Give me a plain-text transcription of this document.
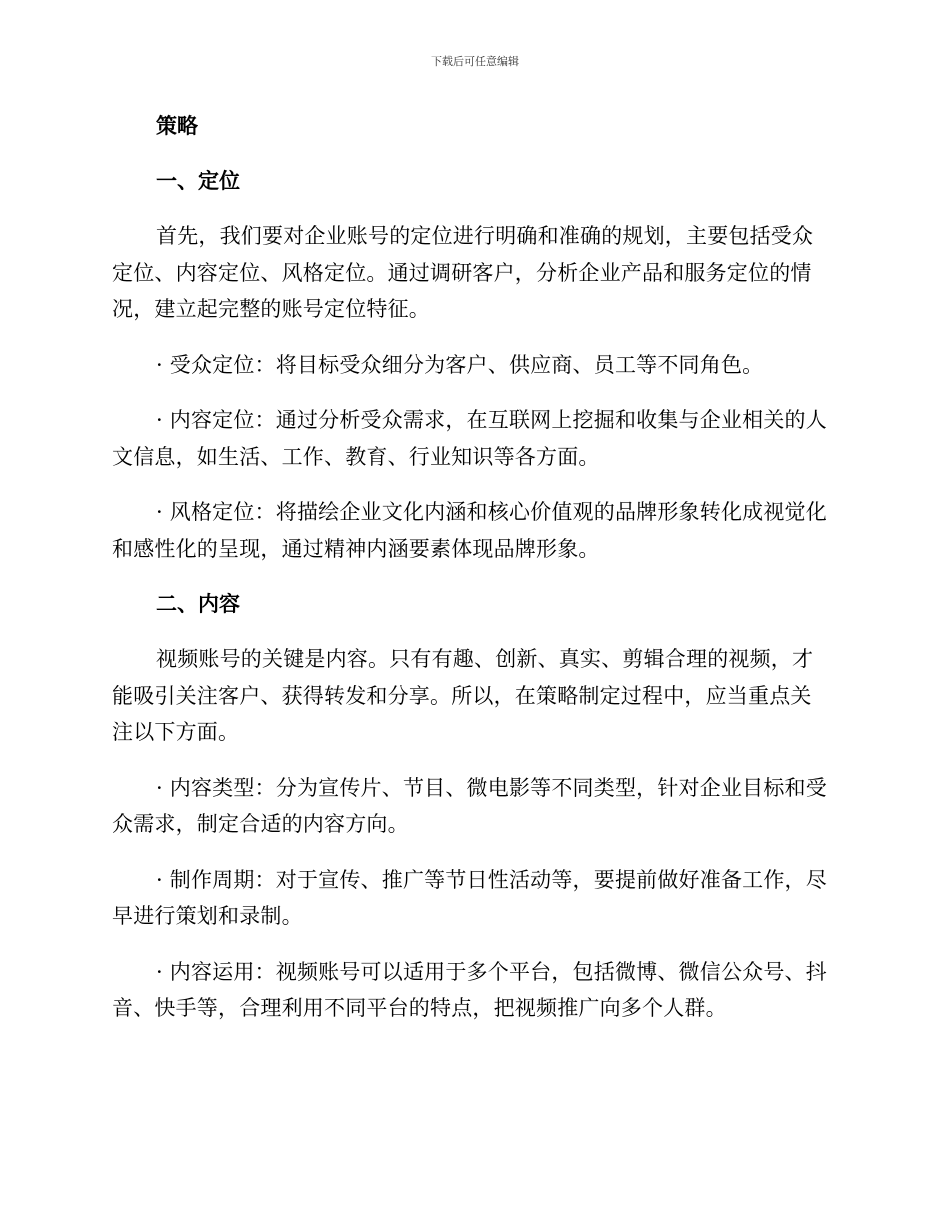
下载后可任意编辑
策略
一、定位
首先，我们要对企业账号的定位进行明确和准确的规划，主要包括受众定位、内容定位、风格定位。通过调研客户，分析企业产品和服务定位的情况，建立起完整的账号定位特征。
· 受众定位：将目标受众细分为客户、供应商、员工等不同角色。
· 内容定位：通过分析受众需求，在互联网上挖掘和收集与企业相关的人文信息，如生活、工作、教育、行业知识等各方面。
· 风格定位：将描绘企业文化内涵和核心价值观的品牌形象转化成视觉化和感性化的呈现，通过精神内涵要素体现品牌形象。
二、内容
视频账号的关键是内容。只有有趣、创新、真实、剪辑合理的视频，才能吸引关注客户、获得转发和分享。所以，在策略制定过程中，应当重点关注以下方面。
· 内容类型：分为宣传片、节目、微电影等不同类型，针对企业目标和受众需求，制定合适的内容方向。
· 制作周期：对于宣传、推广等节日性活动等，要提前做好准备工作，尽早进行策划和录制。
· 内容运用：视频账号可以适用于多个平台，包括微博、微信公众号、抖音、快手等，合理利用不同平台的特点，把视频推广向多个人群。
